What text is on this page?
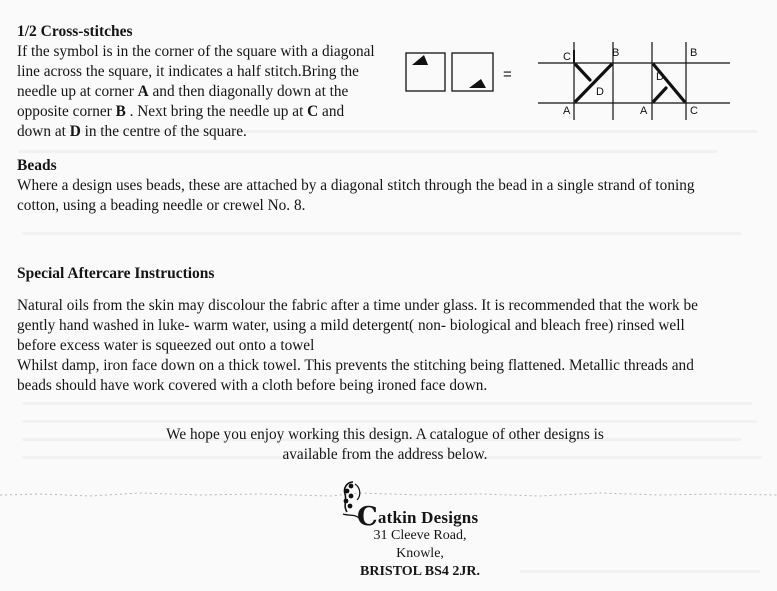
1/2 Cross-stitches

If the symbol is in the corner of the square with a diagonal

line across the square, it indicates a half stitch.Bring the

needle up at corner A and then diagonally down at the

opposite corner B . Next bring the needle up at C and

down at D in the centre of the square.

=
C	B
D
A	A
D
B
C
Beads

Where a design uses beads, these are attached by a diagonal stitch through the bead in a single strand of toning

cotton, using a beading needle or crewel No. 8.

Special Aftercare Instructions

Natural oils from the skin may discolour the fabric after a time under glass. It is recommended that the work be

gently hand washed in luke- warm water, using a mild detergent( non- biological and bleach free) rinsed well

before excess water is squeezed out onto a towel

Whilst damp, iron face down on a thick towel. This prevents the stitching being flattened. Metallic threads and

beads should have work covered with a cloth before being ironed face down.

We hope you enjoy working this design. A catalogue of other designs is

available from the address below.

Catkin Designs
31 Cleeve Road,
Knowle,
BRISTOL BS4 2JR.
